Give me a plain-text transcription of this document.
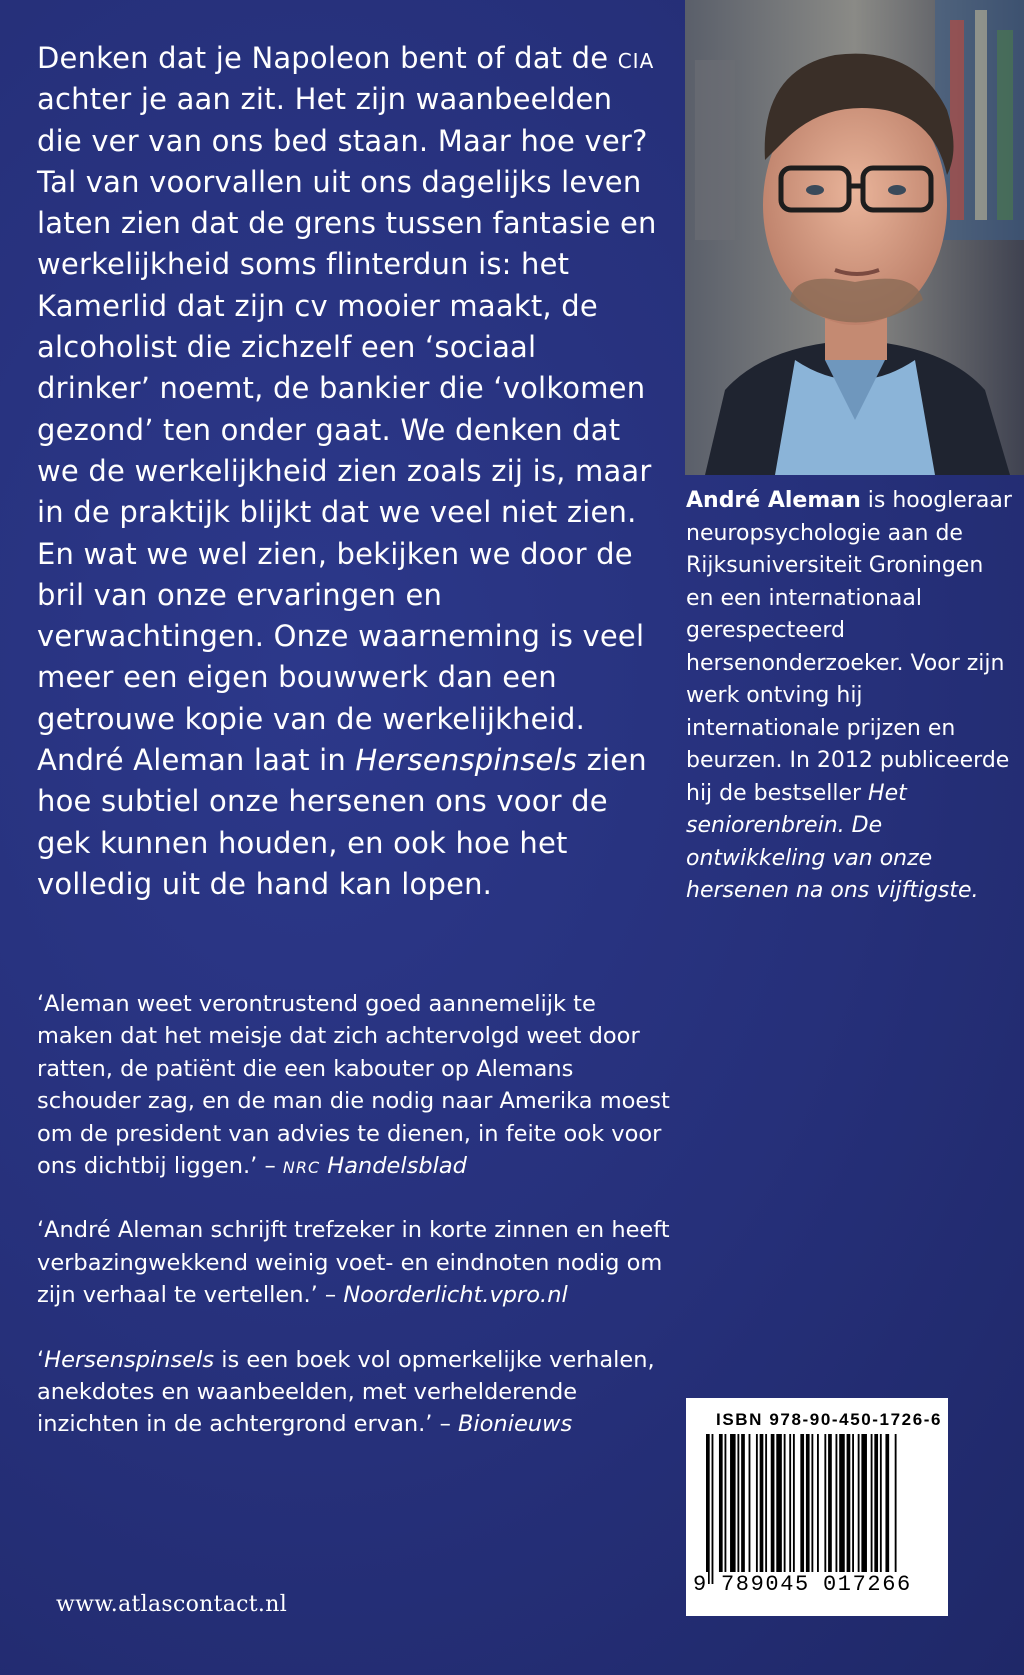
Denken dat je Napoleon bent of dat de cia achter je aan zit. Het zijn waanbeelden die ver van ons bed staan. Maar hoe ver? Tal van voorvallen uit ons dagelijks leven laten zien dat de grens tussen fantasie en werkelijkheid soms flinterdun is: het Kamerlid dat zijn cv mooier maakt, de alcoholist die zichzelf een ‘sociaal drinker’ noemt, de bankier die ‘volkomen gezond’ ten onder gaat. We denken dat we de werkelijkheid zien zoals zij is, maar in de praktijk blijkt dat we veel niet zien. En wat we wel zien, bekijken we door de bril van onze ervaringen en verwachtingen. Onze waarneming is veel meer een eigen bouwwerk dan een getrouwe kopie van de werkelijkheid.

André Aleman laat in Hersenspinsels zien hoe subtiel onze hersenen ons voor de gek kunnen houden, en ook hoe het volledig uit de hand kan lopen.

André Aleman is hoogleraar neuropsychologie aan de Rijksuniversiteit Groningen en een internationaal gerespecteerd hersenonderzoeker. Voor zijn werk ontving hij internationale prijzen en beurzen. In 2012 publiceerde hij de bestseller Het seniorenbrein. De ontwikkeling van onze hersenen na ons vijftigste.

‘Aleman weet verontrustend goed aannemelijk te maken dat het meisje dat zich achtervolgd weet door ratten, de patiënt die een kabouter op Alemans schouder zag, en de man die nodig naar Amerika moest om de president van advies te dienen, in feite ook voor ons dichtbij liggen.’ – nrc Handelsblad

‘André Aleman schrijft trefzeker in korte zinnen en heeft verbazingwekkend weinig voet- en eindnoten nodig om zijn verhaal te vertellen.’ – Noorderlicht.vpro.nl

‘Hersenspinsels is een boek vol opmerkelijke verhalen, anekdotes en waanbeelden, met verhelderende inzichten in de achtergrond ervan.’ – Bionieuws

www.atlascontact.nl
ISBN 978-90-450-1726-6
9 789045 017266
